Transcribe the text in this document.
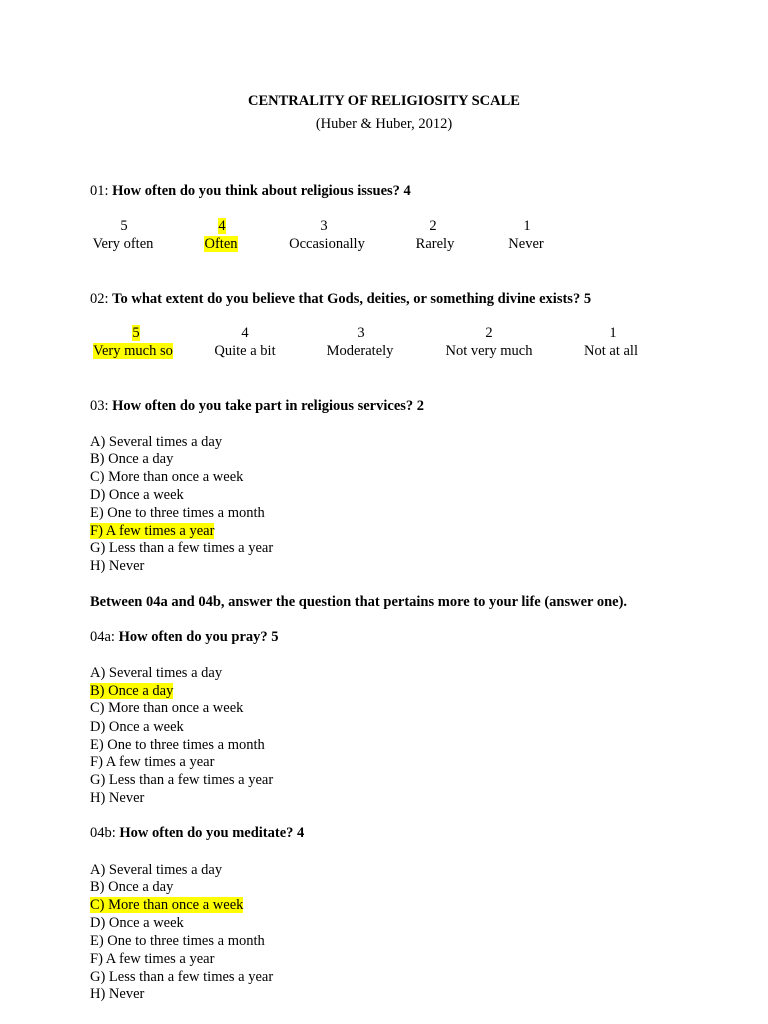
CENTRALITY OF RELIGIOSITY SCALE
(Huber & Huber, 2012)
01: How often do you think about religious issues? 4
5
Very often
4
Often
3
Occasionally
2
Rarely
1
Never
02: To what extent do you believe that Gods, deities, or something divine exists? 5
5
Very much so
4
Quite a bit
3
Moderately
2
Not very much
1
Not at all
03: How often do you take part in religious services? 2
A) Several times a day
B) Once a day
C) More than once a week
D) Once a week
E) One to three times a month
F) A few times a year
G) Less than a few times a year
H) Never
Between 04a and 04b, answer the question that pertains more to your life (answer one).
04a: How often do you pray? 5
A) Several times a day
B) Once a day
C) More than once a week
D) Once a week
E) One to three times a month
F) A few times a year
G) Less than a few times a year
H) Never
04b: How often do you meditate? 4
A) Several times a day
B) Once a day
C) More than once a week
D) Once a week
E) One to three times a month
F) A few times a year
G) Less than a few times a year
H) Never
